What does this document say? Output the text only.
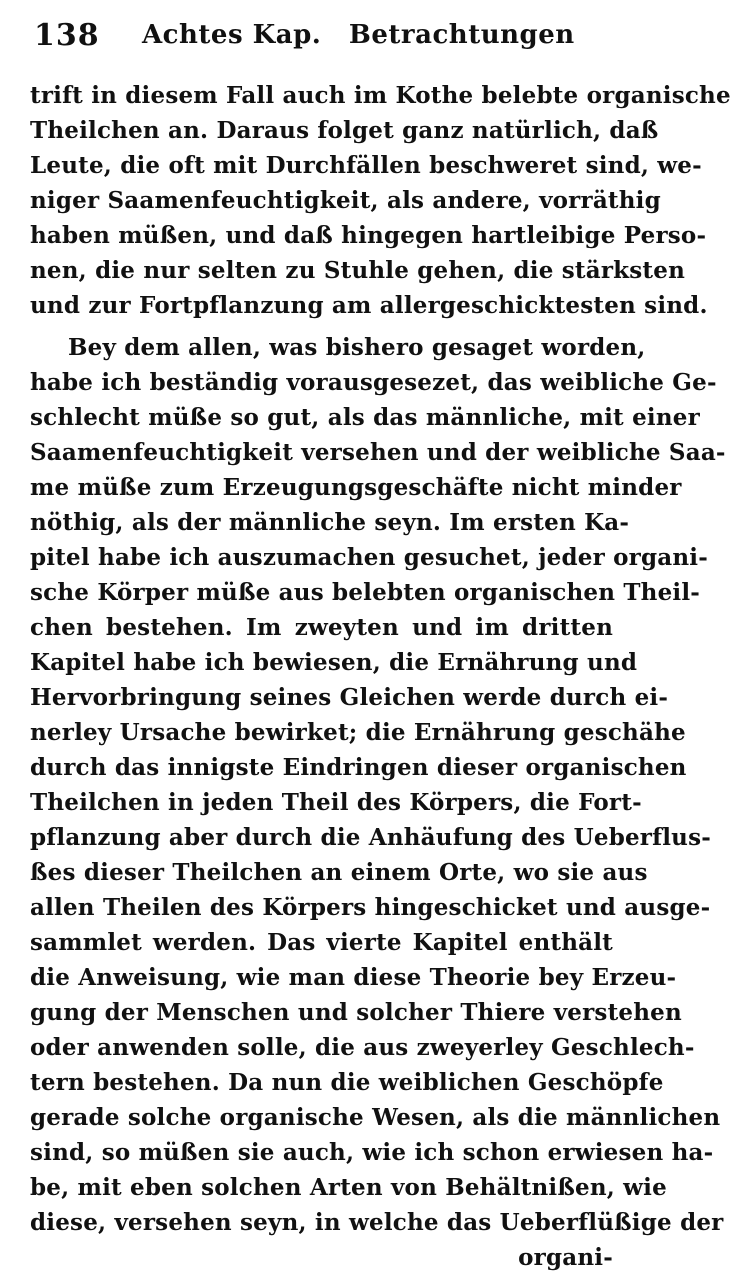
138 Achtes Kap. Betrachtungen
trift in diesem Fall auch im Kothe belebte organische
Theilchen an. Daraus folget ganz natürlich, daß
Leute, die oft mit Durchfällen beschweret sind, we-
niger Saamenfeuchtigkeit, als andere, vorräthig
haben müßen, und daß hingegen hartleibige Perso-
nen, die nur selten zu Stuhle gehen, die stärksten
und zur Fortpflanzung am allergeschicktesten sind.
Bey dem allen, was bishero gesaget worden,
habe ich beständig vorausgesezet, das weibliche Ge-
schlecht müße so gut, als das männliche, mit einer
Saamenfeuchtigkeit versehen und der weibliche Saa-
me müße zum Erzeugungsgeschäfte nicht minder
nöthig, als der männliche seyn. Im ersten Ka-
pitel habe ich auszumachen gesuchet, jeder organi-
sche Körper müße aus belebten organischen Theil-
chen bestehen. Im zweyten und im dritten
Kapitel habe ich bewiesen, die Ernährung und
Hervorbringung seines Gleichen werde durch ei-
nerley Ursache bewirket; die Ernährung geschähe
durch das innigste Eindringen dieser organischen
Theilchen in jeden Theil des Körpers, die Fort-
pflanzung aber durch die Anhäufung des Ueberflus-
ßes dieser Theilchen an einem Orte, wo sie aus
allen Theilen des Körpers hingeschicket und ausge-
sammlet werden. Das vierte Kapitel enthält
die Anweisung, wie man diese Theorie bey Erzeu-
gung der Menschen und solcher Thiere verstehen
oder anwenden solle, die aus zweyerley Geschlech-
tern bestehen. Da nun die weiblichen Geschöpfe
gerade solche organische Wesen, als die männlichen
sind, so müßen sie auch, wie ich schon erwiesen ha-
be, mit eben solchen Arten von Behältnißen, wie
diese, versehen seyn, in welche das Ueberflüßige der
organi-
